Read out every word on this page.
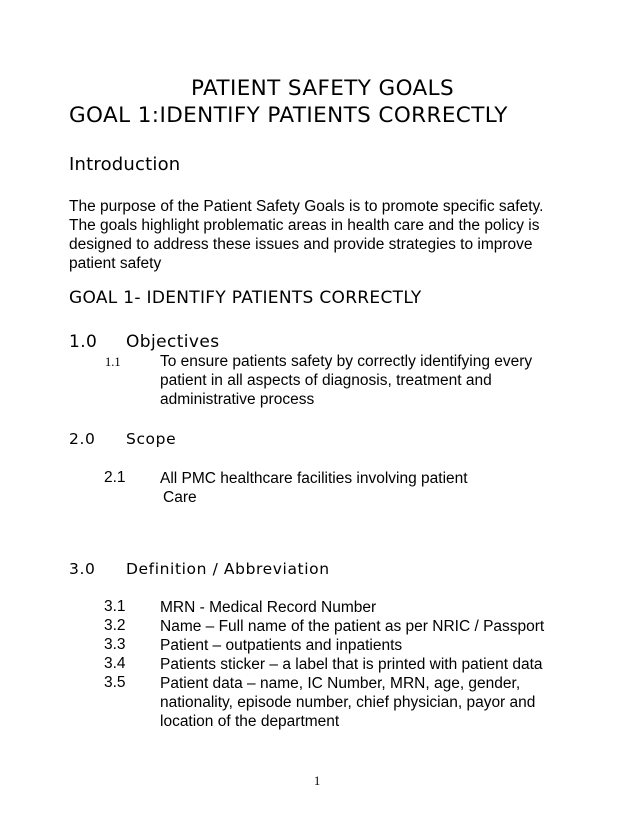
PATIENT SAFETY GOALS
GOAL 1:IDENTIFY PATIENTS CORRECTLY
Introduction
The purpose of the Patient Safety Goals is to promote specific safety.
The goals highlight problematic areas in health care and the policy is
designed to address these issues and provide strategies to improve
patient safety
GOAL 1- IDENTIFY PATIENTS CORRECTLY
1.0 Objectives
1.1	To ensure patients safety by correctly identifying every
patient in all aspects of diagnosis, treatment and
administrative process
2.0 Scope
2.1 All PMC healthcare facilities involving patient
Care
3.0 Definition / Abbreviation
3.1 MRN - Medical Record Number
3.2 Name – Full name of the patient as per NRIC / Passport
3.3 Patient – outpatients and inpatients
3.4 Patients sticker – a label that is printed with patient data
3.5 Patient data – name, IC Number, MRN, age, gender,
nationality, episode number, chief physician, payor and
location of the department
1
